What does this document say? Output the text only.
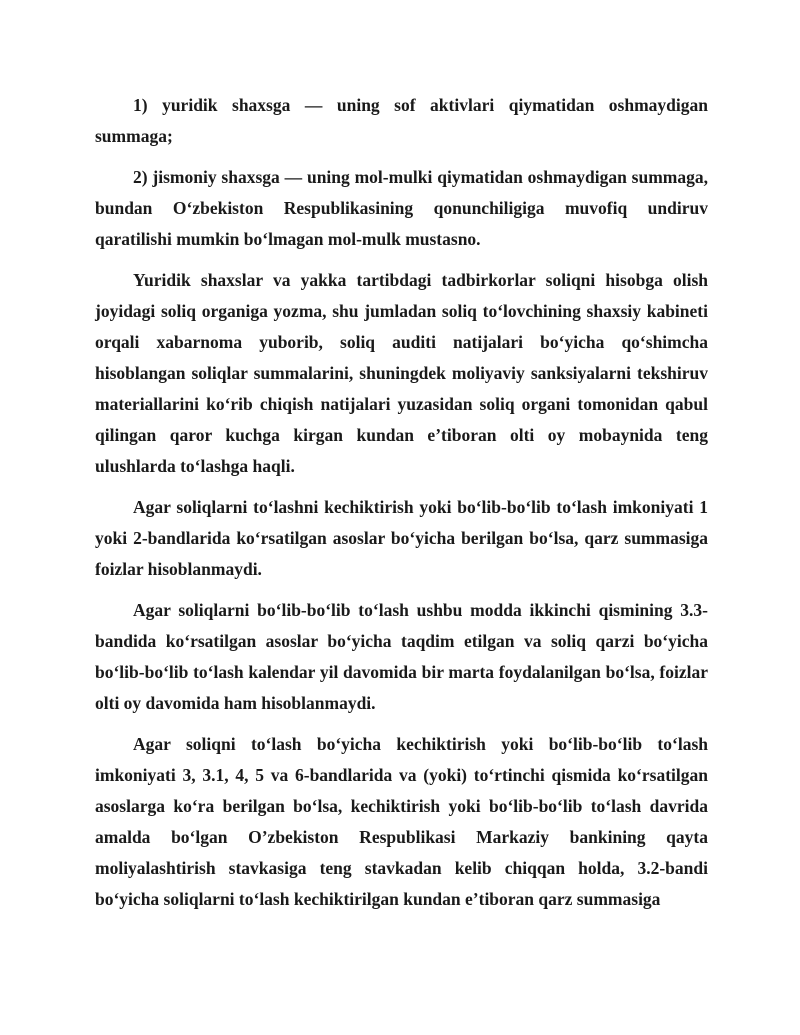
1) yuridik shaxsga — uning sof aktivlari qiymatidan oshmaydigan summaga;

2) jismoniy shaxsga — uning mol-mulki qiymatidan oshmaydigan summaga, bundan O‘zbekiston Respublikasining qonunchiligiga muvofiq undiruv qaratilishi mumkin bo‘lmagan mol-mulk mustasno.

Yuridik shaxslar va yakka tartibdagi tadbirkorlar soliqni hisobga olish joyidagi soliq organiga yozma, shu jumladan soliq to‘lovchining shaxsiy kabineti orqali xabarnoma yuborib, soliq auditi natijalari bo‘yicha qo‘shimcha hisoblangan soliqlar summalarini, shuningdek moliyaviy sanksiyalarni tekshiruv materiallarini ko‘rib chiqish natijalari yuzasidan soliq organi tomonidan qabul qilingan qaror kuchga kirgan kundan e’tiboran olti oy mobaynida teng ulushlarda to‘lashga haqli.

Agar soliqlarni to‘lashni kechiktirish yoki bo‘lib-bo‘lib to‘lash imkoniyati 1 yoki 2-bandlarida ko‘rsatilgan asoslar bo‘yicha berilgan bo‘lsa, qarz summasiga foizlar hisoblanmaydi.

Agar soliqlarni bo‘lib-bo‘lib to‘lash ushbu modda ikkinchi qismining 3.3-bandida ko‘rsatilgan asoslar bo‘yicha taqdim etilgan va soliq qarzi bo‘yicha bo‘lib-bo‘lib to‘lash kalendar yil davomida bir marta foydalanilgan bo‘lsa, foizlar olti oy davomida ham hisoblanmaydi.

Agar soliqni to‘lash bo‘yicha kechiktirish yoki bo‘lib-bo‘lib to‘lash imkoniyati 3, 3.1, 4, 5 va 6-bandlarida va (yoki) to‘rtinchi qismida ko‘rsatilgan asoslarga ko‘ra berilgan bo‘lsa, kechiktirish yoki bo‘lib-bo‘lib to‘lash davrida amalda bo‘lgan O’zbekiston Respublikasi Markaziy bankining qayta moliyalashtirish stavkasiga teng stavkadan kelib chiqqan holda, 3.2-bandi bo‘yicha soliqlarni to‘lash kechiktirilgan kundan e’tiboran qarz summasiga
